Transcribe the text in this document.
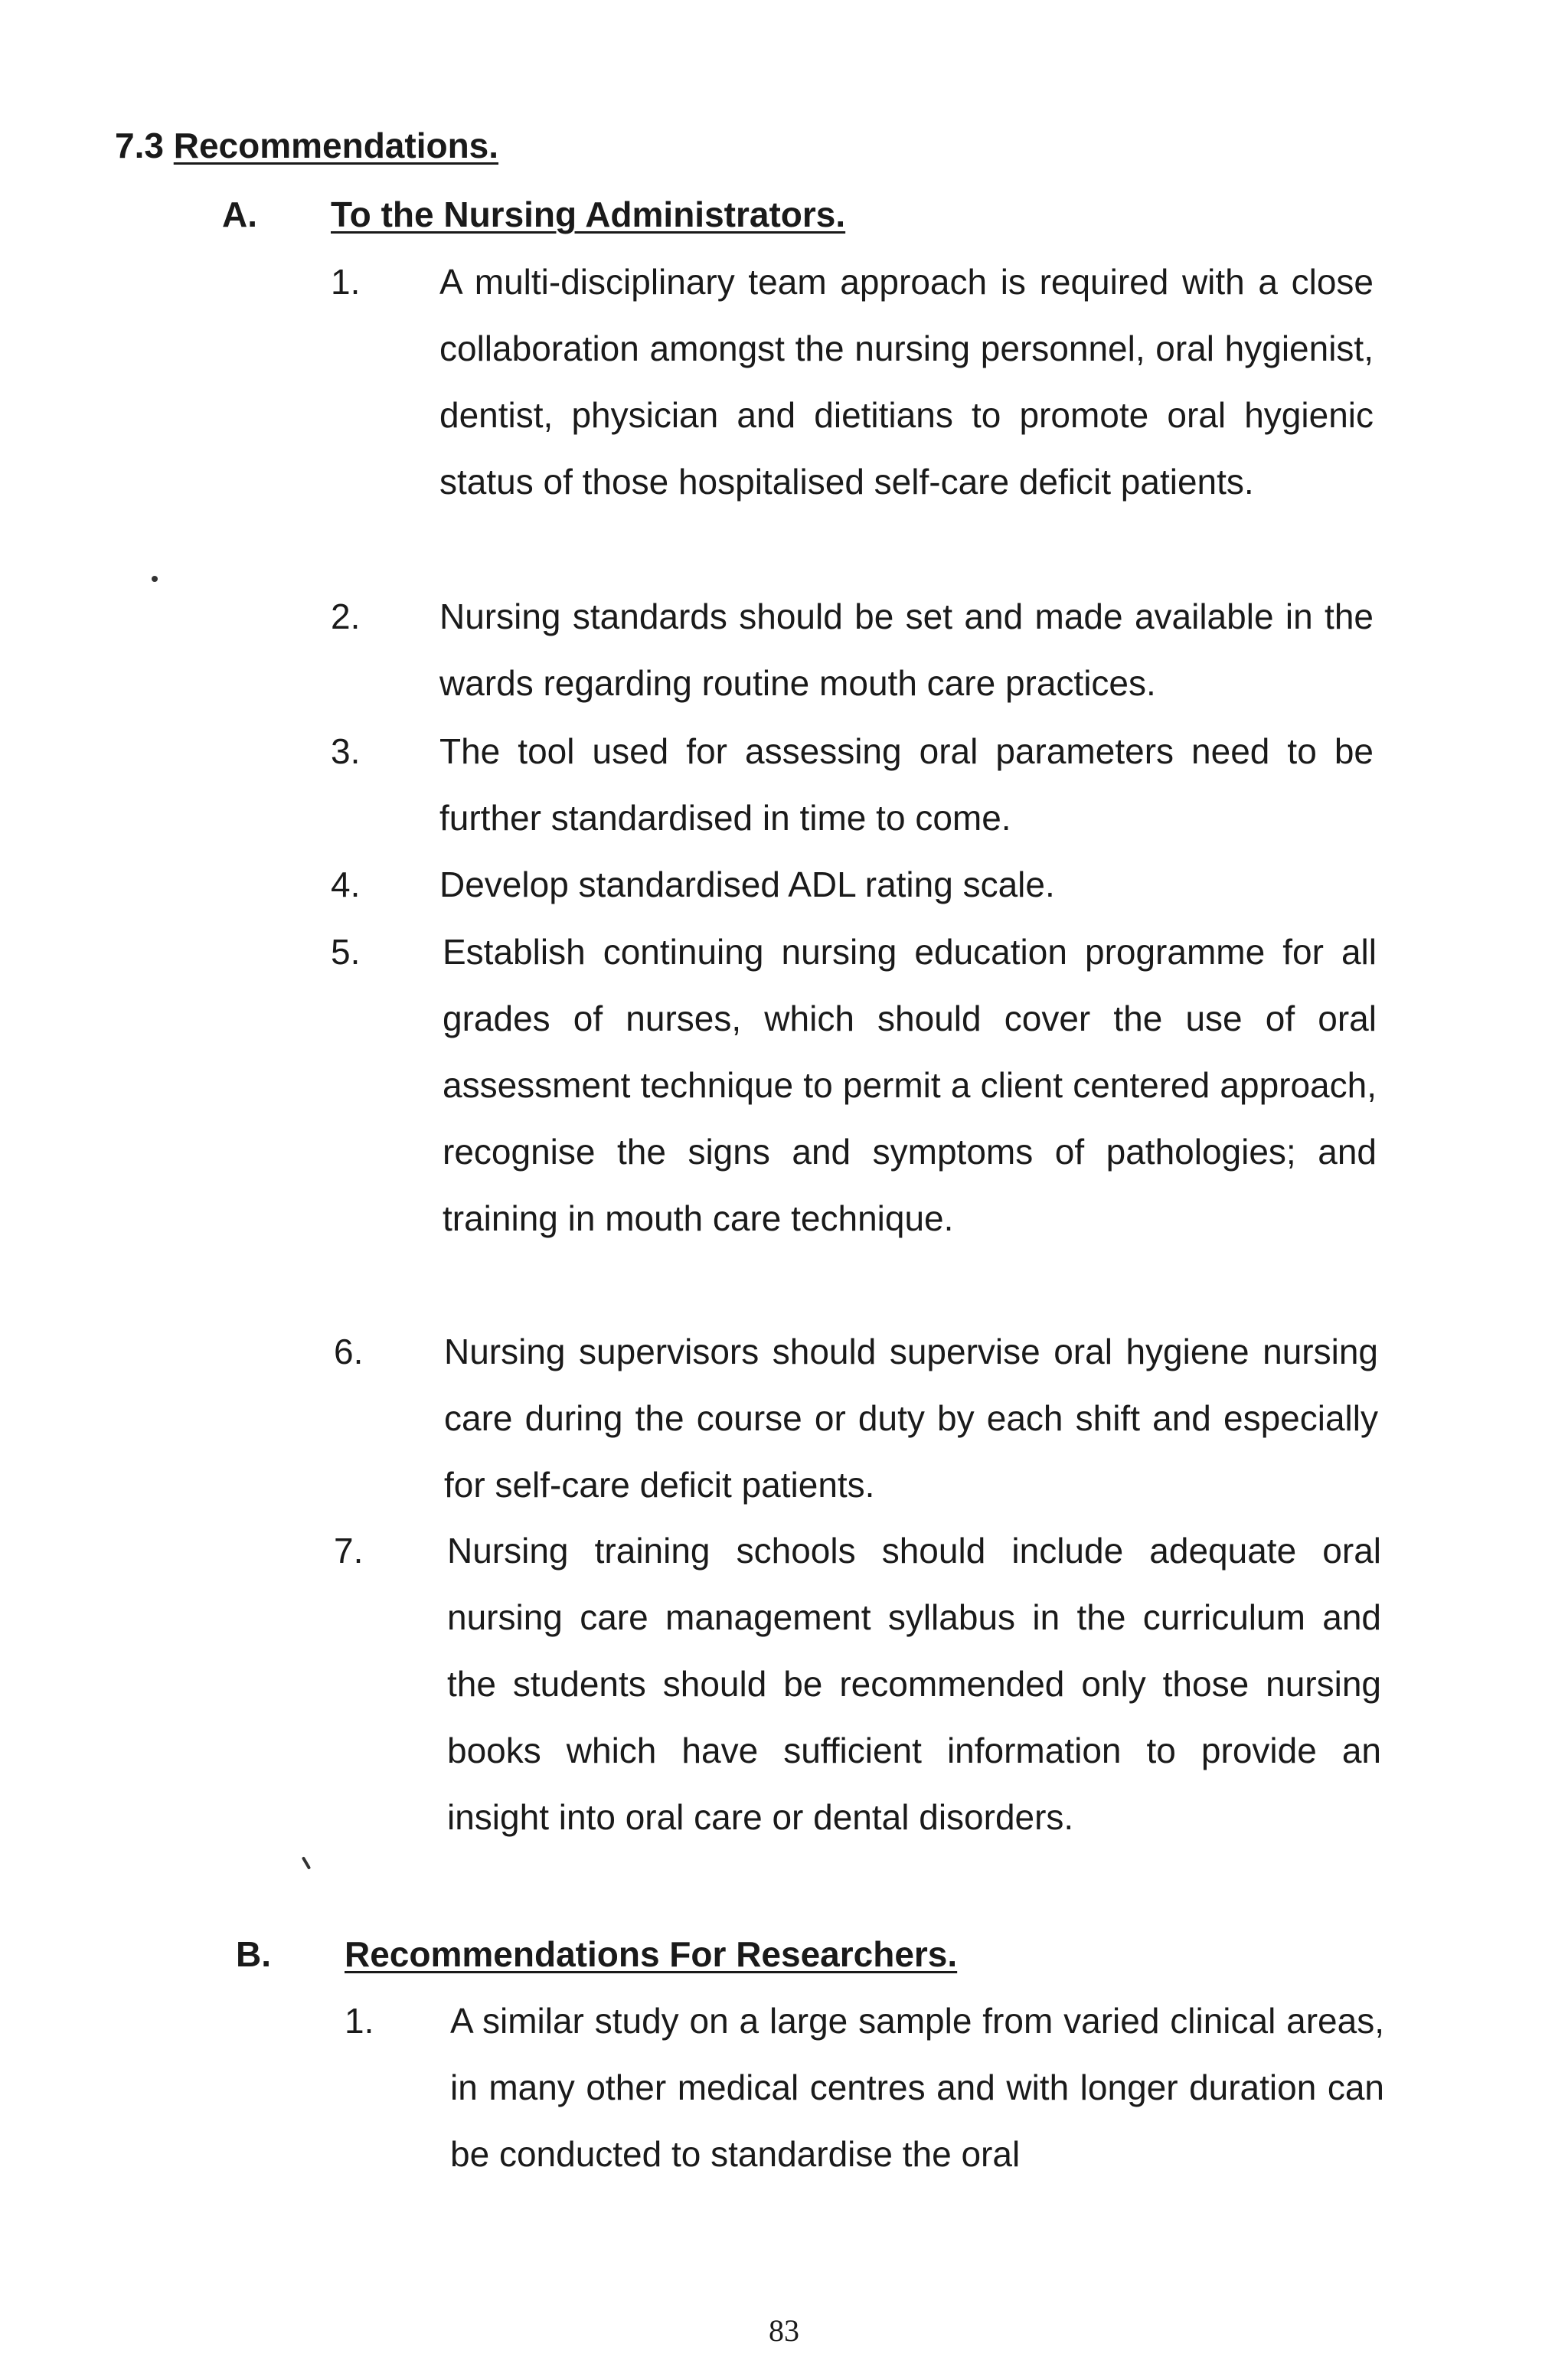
7.3 Recommendations.
A. To the Nursing Administrators.
1.	A multi-disciplinary team approach is required with a close collaboration amongst the nursing personnel, oral hygienist, dentist, physician and dietitians to promote oral hygienic status of those hospitalised self-care deficit patients.
2.	Nursing standards should be set and made available in the wards regarding routine mouth care practices.
3.	The tool used for assessing oral parameters need to be further standardised in time to come.
4.	Develop standardised ADL rating scale.
5.	Establish continuing nursing education programme for all grades of nurses, which should cover the use of oral assessment technique to permit a client centered approach, recognise the signs and symptoms of pathologies; and training in mouth care technique.
6.	Nursing supervisors should supervise oral hygiene nursing care during the course or duty by each shift and especially for self-care deficit patients.
7.	Nursing training schools should include adequate oral nursing care management syllabus in the curriculum and the students should be recommended only those nursing books which have sufficient information to provide an insight into oral care or dental disorders.
B. Recommendations For Researchers.
1.	A similar study on a large sample from varied clinical areas, in many other medical centres and with longer duration can be conducted to standardise the oral
83
